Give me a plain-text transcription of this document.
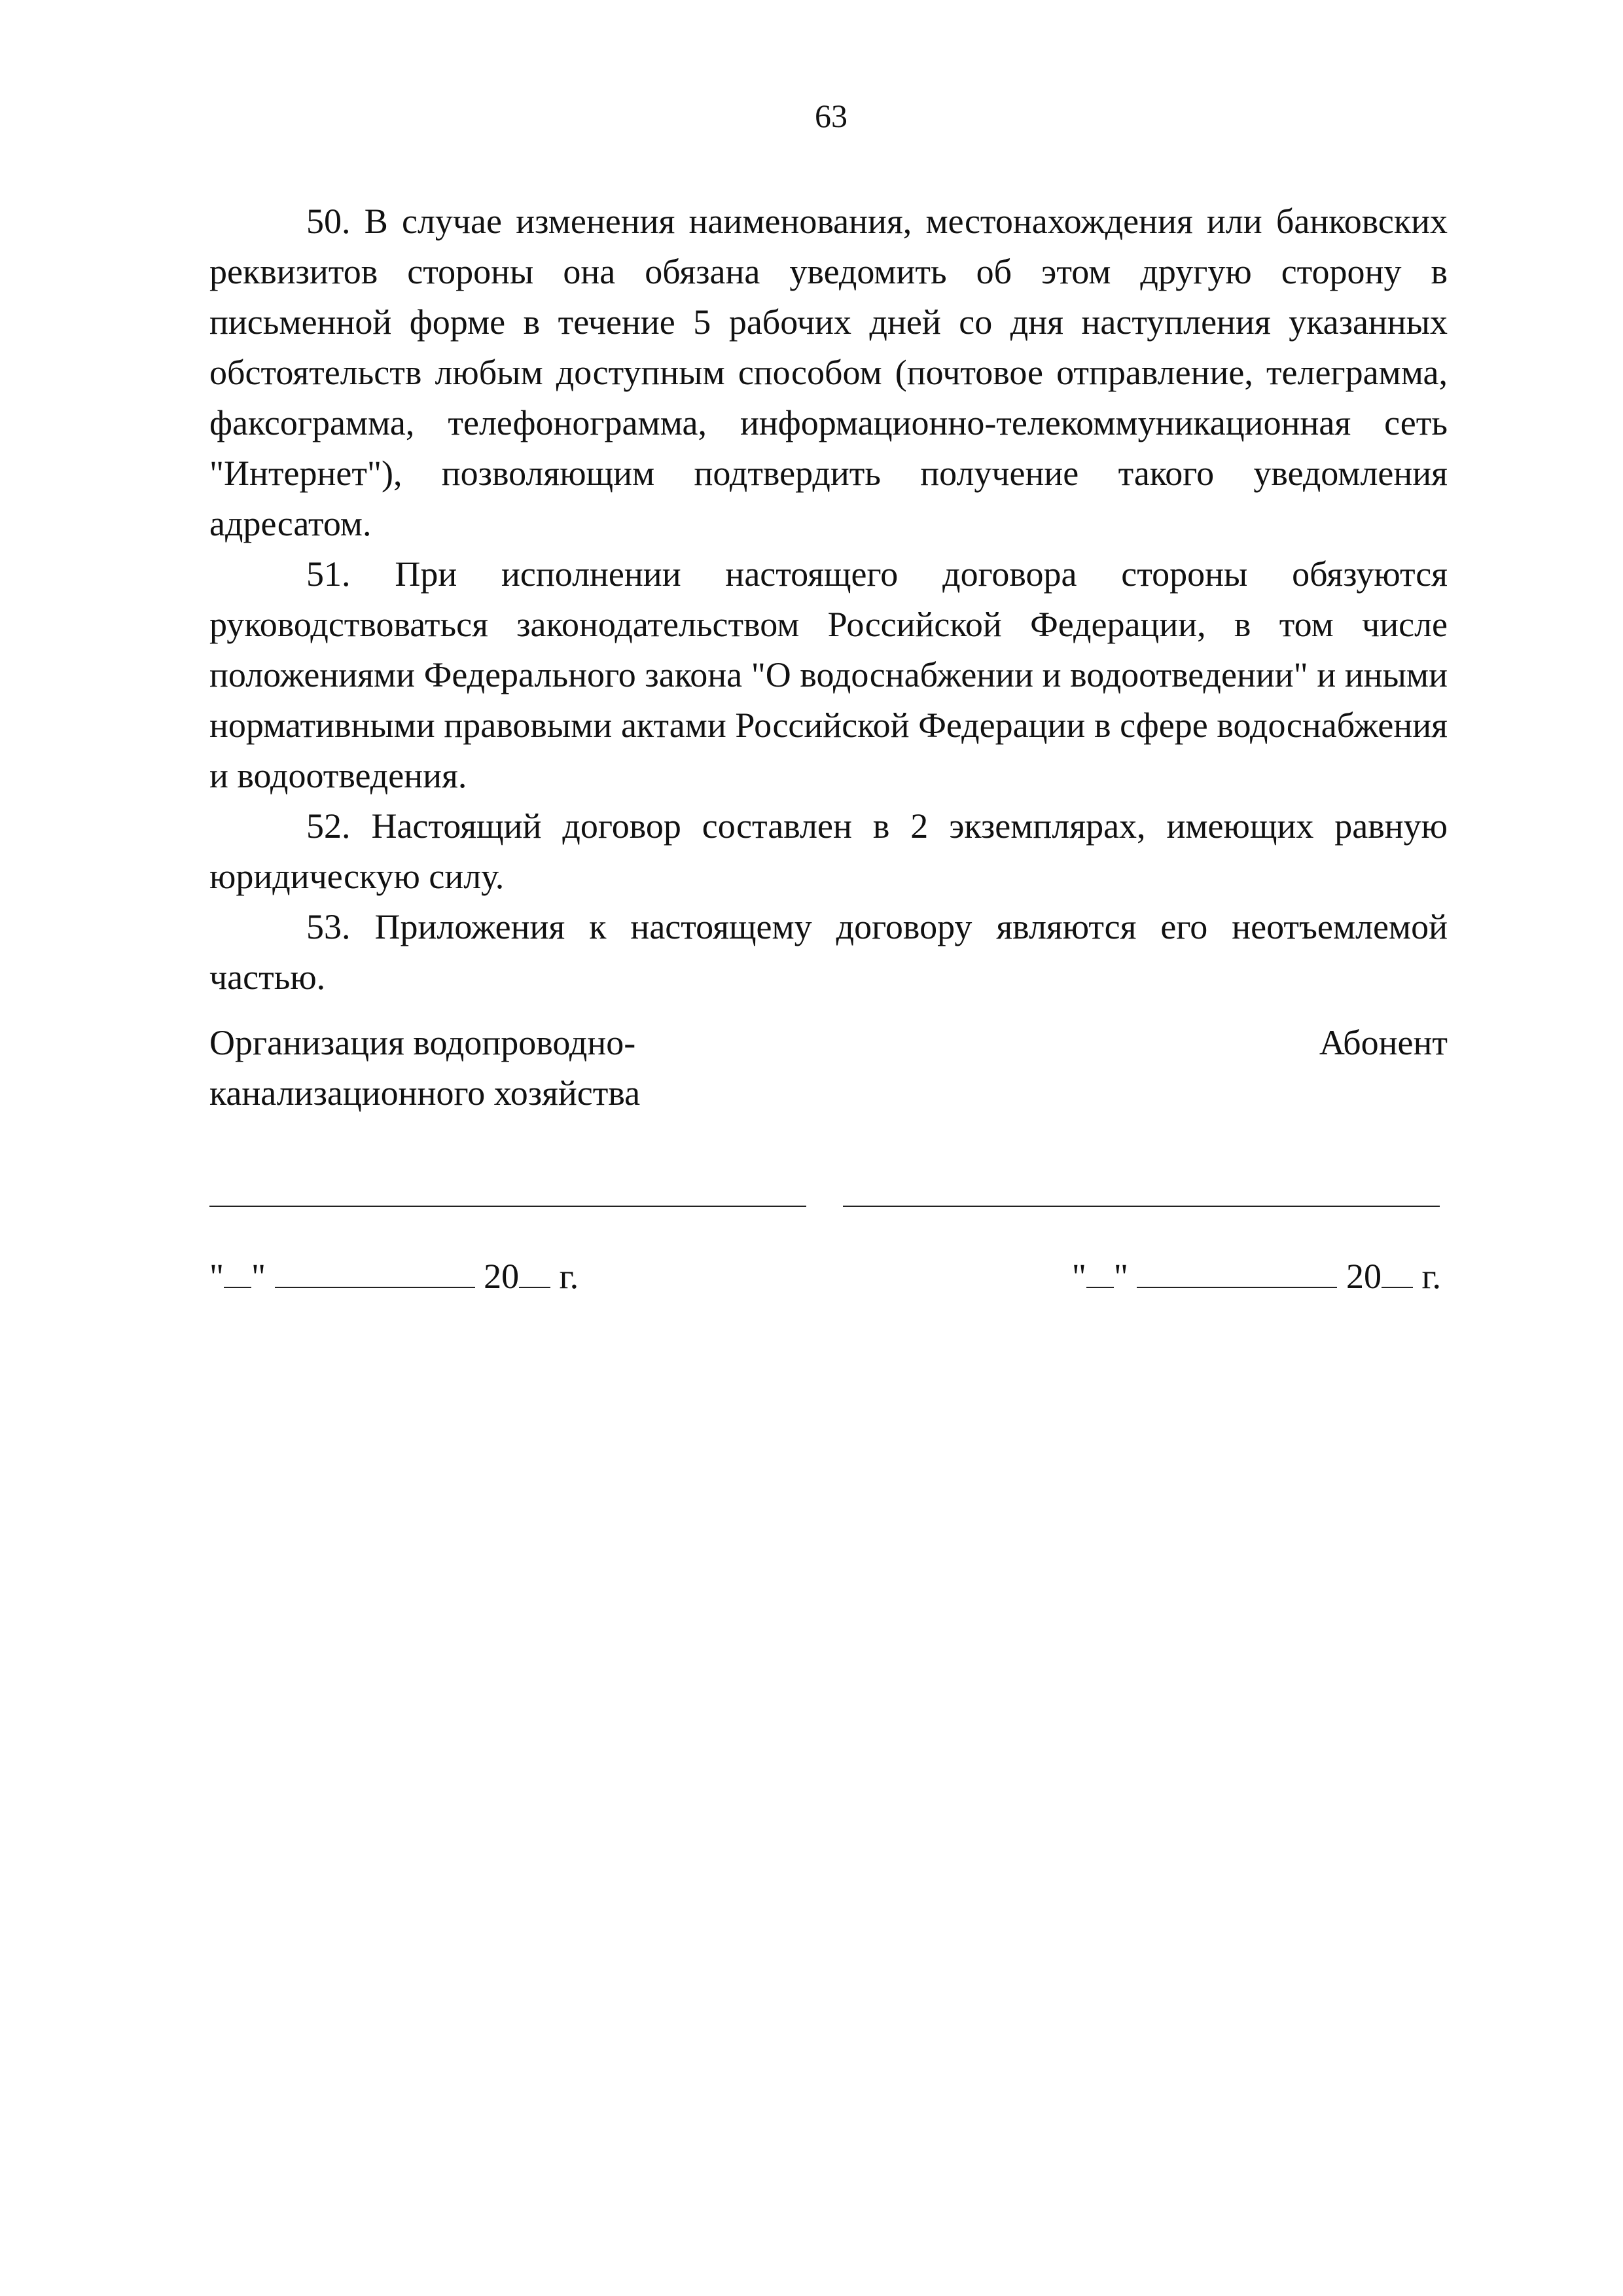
63

50. В случае изменения наименования, местонахождения или банковских реквизитов стороны она обязана уведомить об этом другую сторону в письменной форме в течение 5 рабочих дней со дня наступления указанных обстоятельств любым доступным способом (почтовое отправление, телеграмма, факсограмма, телефонограмма, информационно-телекоммуникационная сеть "Интернет"), позволяющим подтвердить получение такого уведомления адресатом.

51. При исполнении настоящего договора стороны обязуются руководствоваться законодательством Российской Федерации, в том числе положениями Федерального закона "О водоснабжении и водоотведении" и иными нормативными правовыми актами Российской Федерации в сфере водоснабжения и водоотведения.

52. Настоящий договор составлен в 2 экземплярах, имеющих равную юридическую силу.

53. Приложения к настоящему договору являются его неотъемлемой частью.

Организация водопроводно-
канализационного хозяйства
Абонент
" "	20 г.	" "	20 г.
